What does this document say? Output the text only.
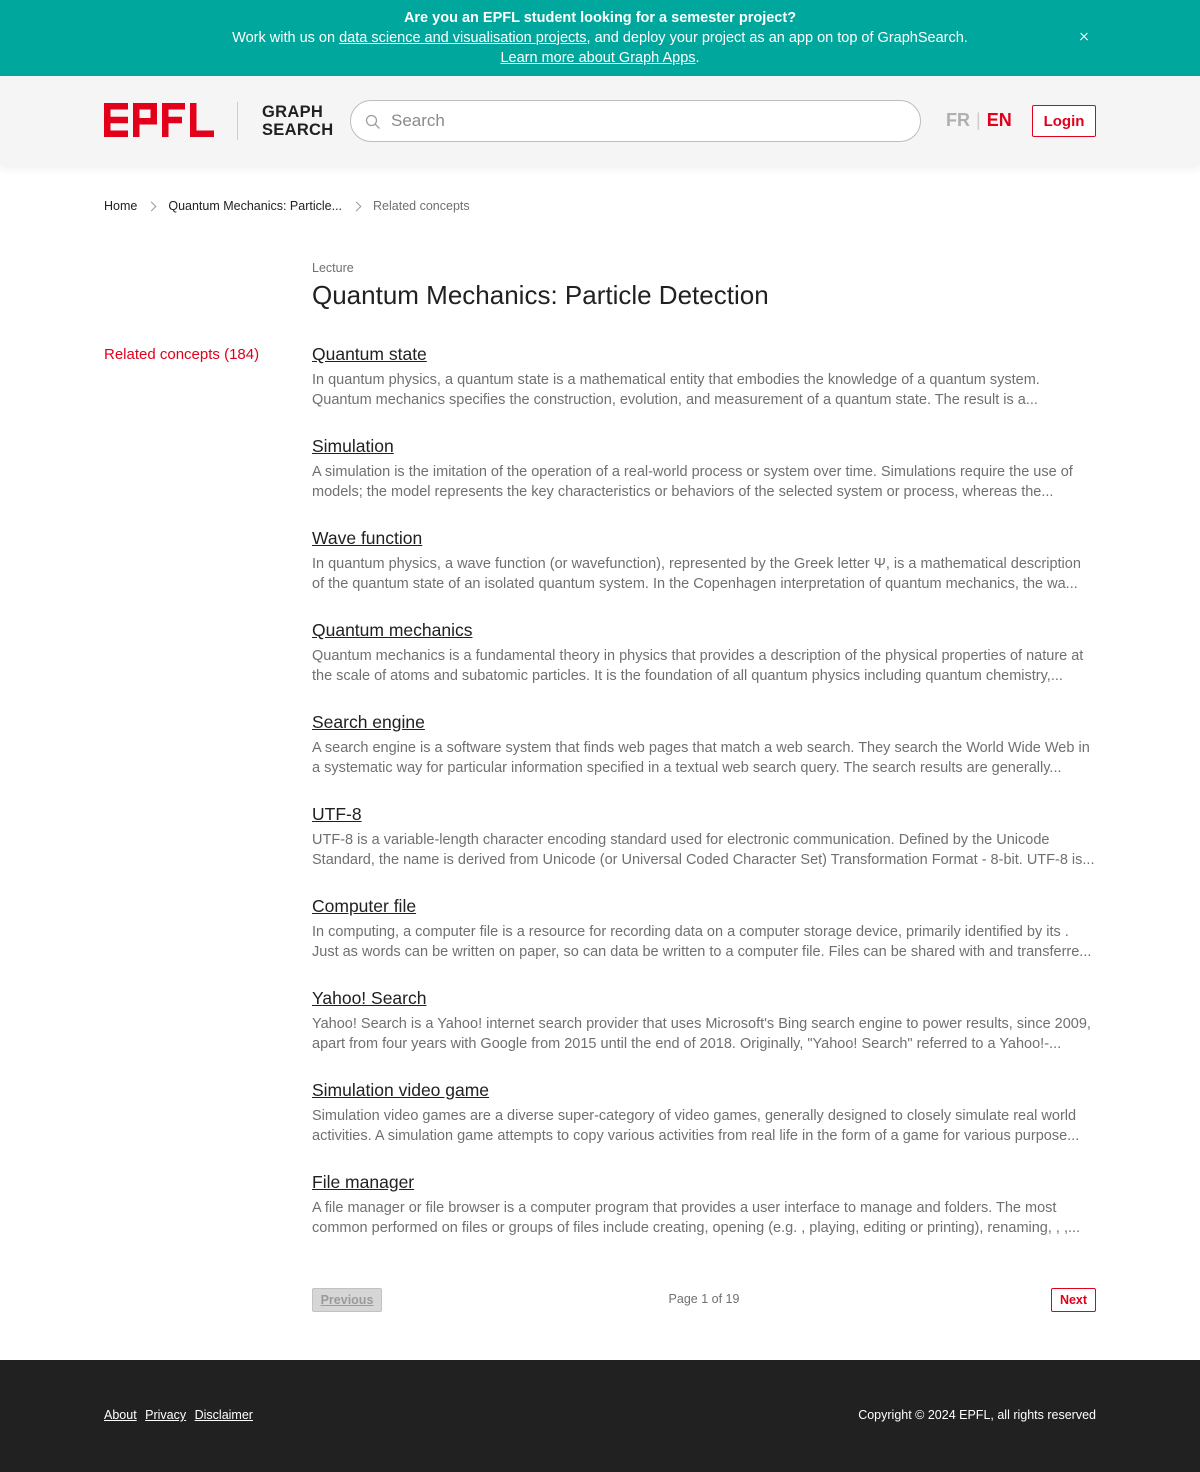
Are you an EPFL student looking for a semester project?
Work with us on data science and visualisation projects, and deploy your project as an app on top of GraphSearch.
Learn more about Graph Apps.
GRAPH
SEARCH
Search	FR | EN	Login
Home Quantum Mechanics: Particle... Related concepts
Lecture
Quantum Mechanics: Particle Detection
Related concepts (184)	Quantum state
In quantum physics, a quantum state is a mathematical entity that embodies the knowledge of a quantum system. Quantum mechanics specifies the construction, evolution, and measurement of a quantum state. The result is a...
Simulation
A simulation is the imitation of the operation of a real-world process or system over time. Simulations require the use of models; the model represents the key characteristics or behaviors of the selected system or process, whereas the...
Wave function
In quantum physics, a wave function (or wavefunction), represented by the Greek letter Ψ, is a mathematical description of the quantum state of an isolated quantum system. In the Copenhagen interpretation of quantum mechanics, the wa...
Quantum mechanics
Quantum mechanics is a fundamental theory in physics that provides a description of the physical properties of nature at the scale of atoms and subatomic particles. It is the foundation of all quantum physics including quantum chemistry,...
Search engine
A search engine is a software system that finds web pages that match a web search. They search the World Wide Web in a systematic way for particular information specified in a textual web search query. The search results are generally...
UTF-8
UTF-8 is a variable-length character encoding standard used for electronic communication. Defined by the Unicode Standard, the name is derived from Unicode (or Universal Coded Character Set) Transformation Format - 8-bit. UTF-8 is...
Computer file
In computing, a computer file is a resource for recording data on a computer storage device, primarily identified by its . Just as words can be written on paper, so can data be written to a computer file. Files can be shared with and transferre...
Yahoo! Search
Yahoo! Search is a Yahoo! internet search provider that uses Microsoft's Bing search engine to power results, since 2009, apart from four years with Google from 2015 until the end of 2018. Originally, "Yahoo! Search" referred to a Yahoo!-...
Simulation video game
Simulation video games are a diverse super-category of video games, generally designed to closely simulate real world activities. A simulation game attempts to copy various activities from real life in the form of a game for various purpose...
File manager
A file manager or file browser is a computer program that provides a user interface to manage and folders. The most common performed on files or groups of files include creating, opening (e.g. , playing, editing or printing), renaming, , ,...
Previous	Page 1 of 19	Next
About Privacy Disclaimer	Copyright © 2024 EPFL, all rights reserved
